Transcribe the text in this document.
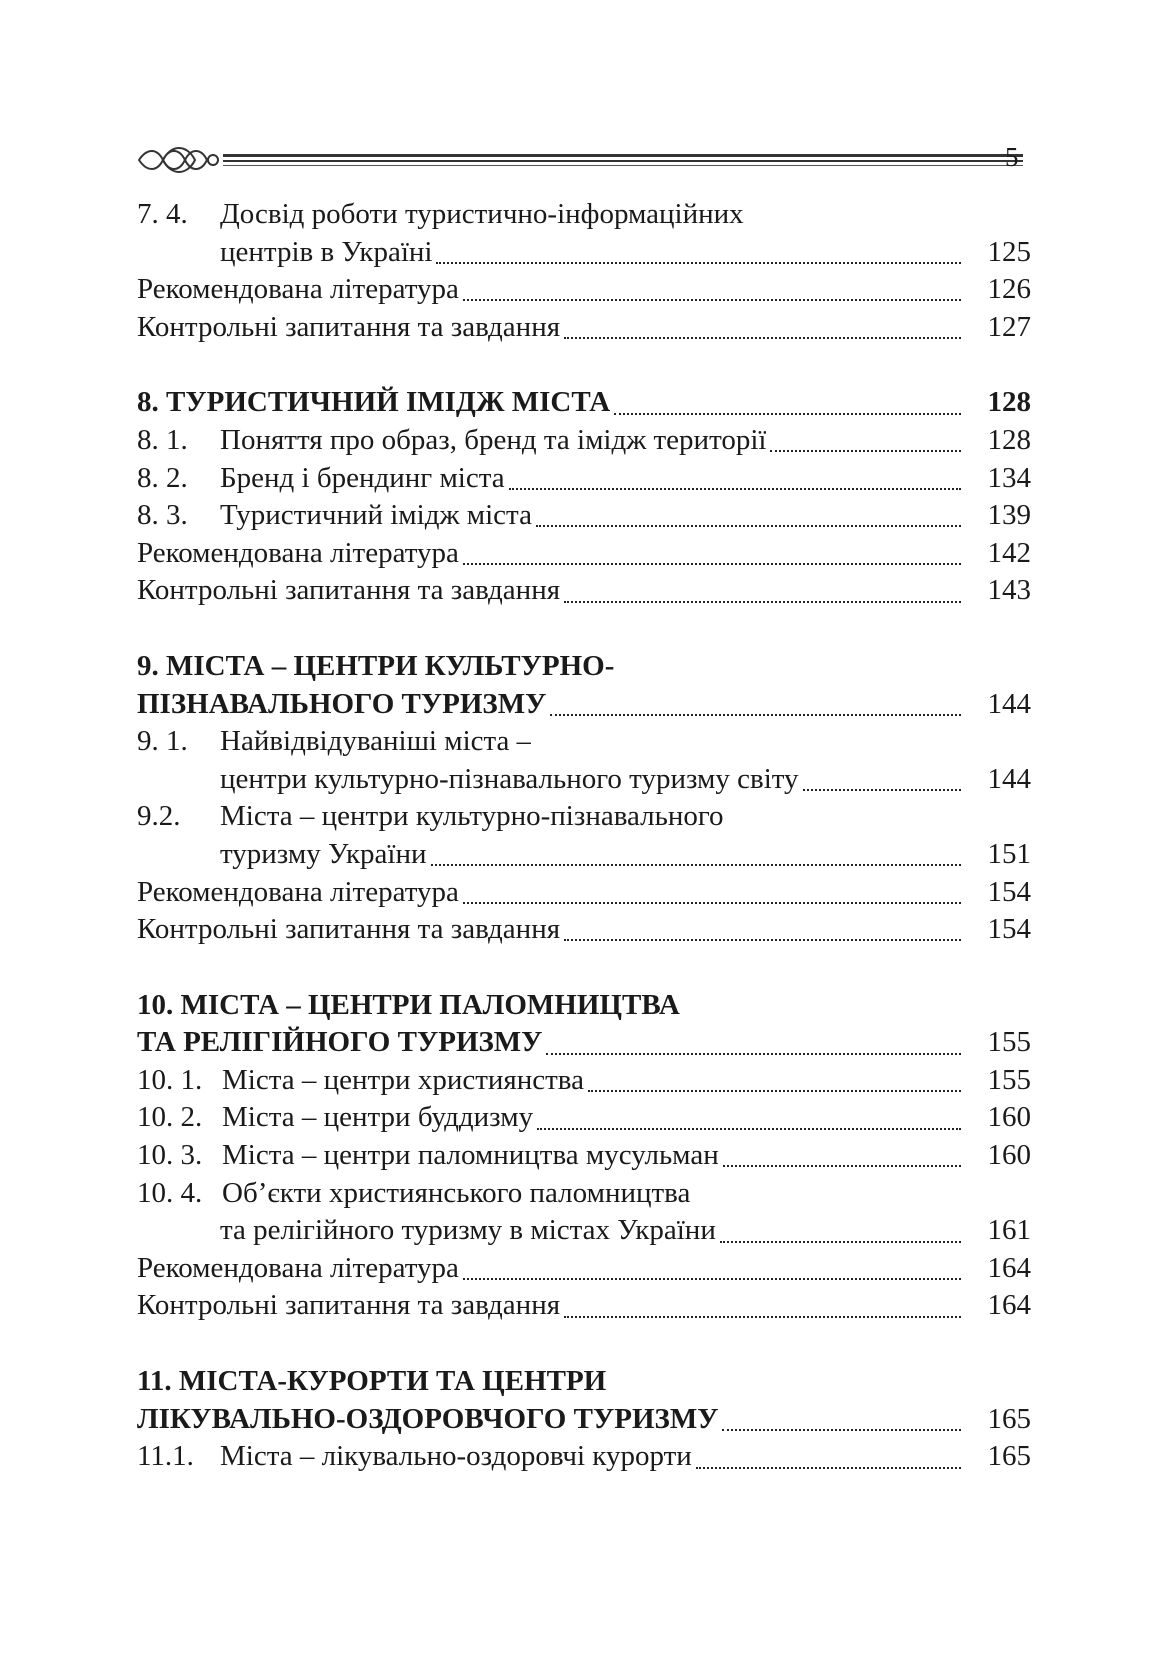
5
7. 4.	Досвід роботи туристично-інформаційних
центрів в Україні	125
Рекомендована література	126
Контрольні запитання та завдання	127
8. ТУРИСТИЧНИЙ ІМІДЖ МІСТА	128
8. 1.	Поняття про образ, бренд та імідж території	128
8. 2.	Бренд і брендинг міста	134
8. 3.	Туристичний імідж міста	139
Рекомендована література	142
Контрольні запитання та завдання	143
9. МІСТА – ЦЕНТРИ КУЛЬТУРНО-
ПІЗНАВАЛЬНОГО ТУРИЗМУ	144
9. 1.	Найвідвідуваніші міста –
центри культурно-пізнавального туризму світу	144
9.2.	Міста – центри культурно-пізнавального
туризму України	151
Рекомендована література	154
Контрольні запитання та завдання	154
10. МІСТА – ЦЕНТРИ ПАЛОМНИЦТВА
ТА РЕЛІГІЙНОГО ТУРИЗМУ	155
10. 1. Міста – центри християнства	155
10. 2. Міста – центри буддизму	160
10. 3. Міста – центри паломництва мусульман	160
10. 4. Об’єкти християнського паломництва
та релігійного туризму в містах України	161
Рекомендована література	164
Контрольні запитання та завдання	164
11. МІСТА-КУРОРТИ ТА ЦЕНТРИ
ЛІКУВАЛЬНО-ОЗДОРОВЧОГО ТУРИЗМУ	165
11.1. Міста – лікувально-оздоровчі курорти	165
